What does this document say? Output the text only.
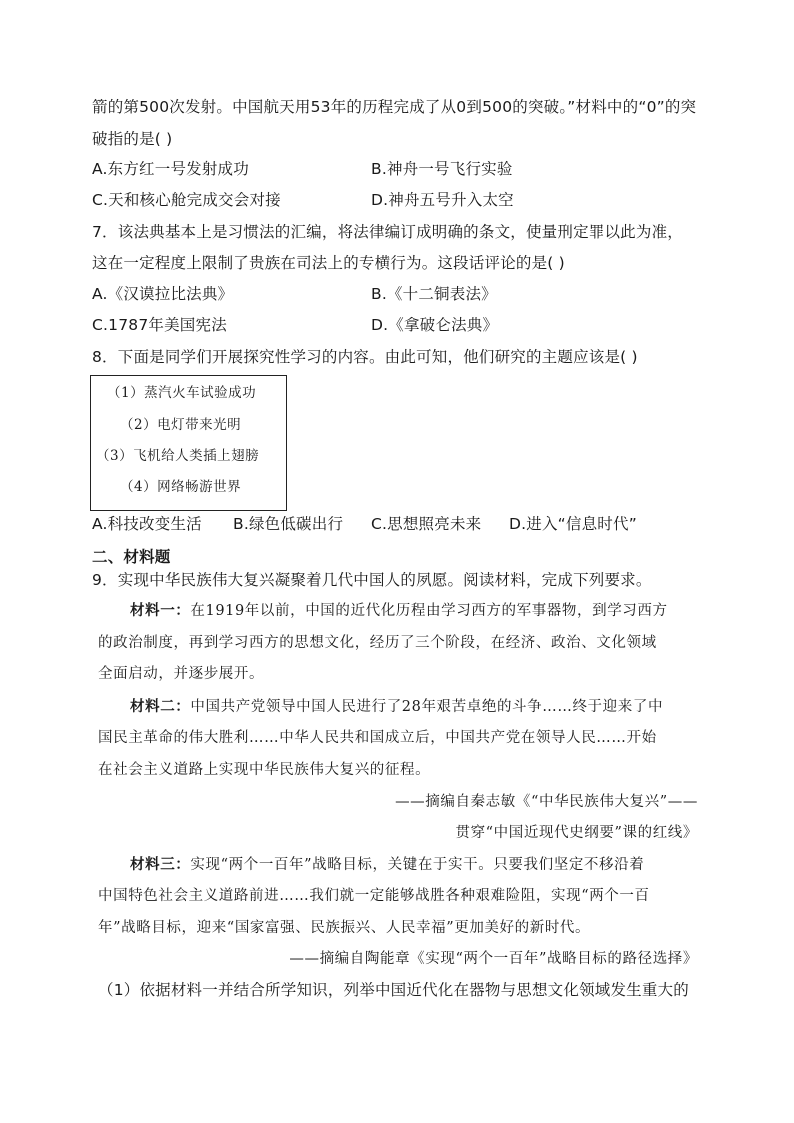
箭的第500次发射。中国航天用53年的历程完成了从0到500的突破。”材料中的“0”的突
破指的是( )
A.东方红一号发射成功	B.神舟一号飞行实验
C.天和核心舱完成交会对接	D.神舟五号升入太空
7．该法典基本上是习惯法的汇编，将法律编订成明确的条文，使量刑定罪以此为准，
这在一定程度上限制了贵族在司法上的专横行为。这段话评论的是( )
A.《汉谟拉比法典》	B.《十二铜表法》
C.1787年美国宪法	D.《拿破仑法典》
8．下面是同学们开展探究性学习的内容。由此可知，他们研究的主题应该是( )
（1）蒸汽火车试验成功
（2）电灯带来光明
（3）飞机给人类插上翅膀
（4）网络畅游世界
A.科技改变生活 B.绿色低碳出行 C.思想照亮未来 D.进入“信息时代”
二、材料题
9．实现中华民族伟大复兴凝聚着几代中国人的夙愿。阅读材料，完成下列要求。
材料一：在1919年以前，中国的近代化历程由学习西方的军事器物，到学习西方
的政治制度，再到学习西方的思想文化，经历了三个阶段，在经济、政治、文化领域
全面启动，并逐步展开。
材料二：中国共产党领导中国人民进行了28年艰苦卓绝的斗争……终于迎来了中
国民主革命的伟大胜利……中华人民共和国成立后，中国共产党在领导人民……开始
在社会主义道路上实现中华民族伟大复兴的征程。
——摘编自秦志敏《“中华民族伟大复兴”——
贯穿“中国近现代史纲要”课的红线》
材料三：实现“两个一百年”战略目标，关键在于实干。只要我们坚定不移沿着
中国特色社会主义道路前进……我们就一定能够战胜各种艰难险阻，实现“两个一百
年”战略目标，迎来“国家富强、民族振兴、人民幸福”更加美好的新时代。
——摘编自陶能章《实现“两个一百年”战略目标的路径选择》
（1）依据材料一并结合所学知识，列举中国近代化在器物与思想文化领域发生重大的
